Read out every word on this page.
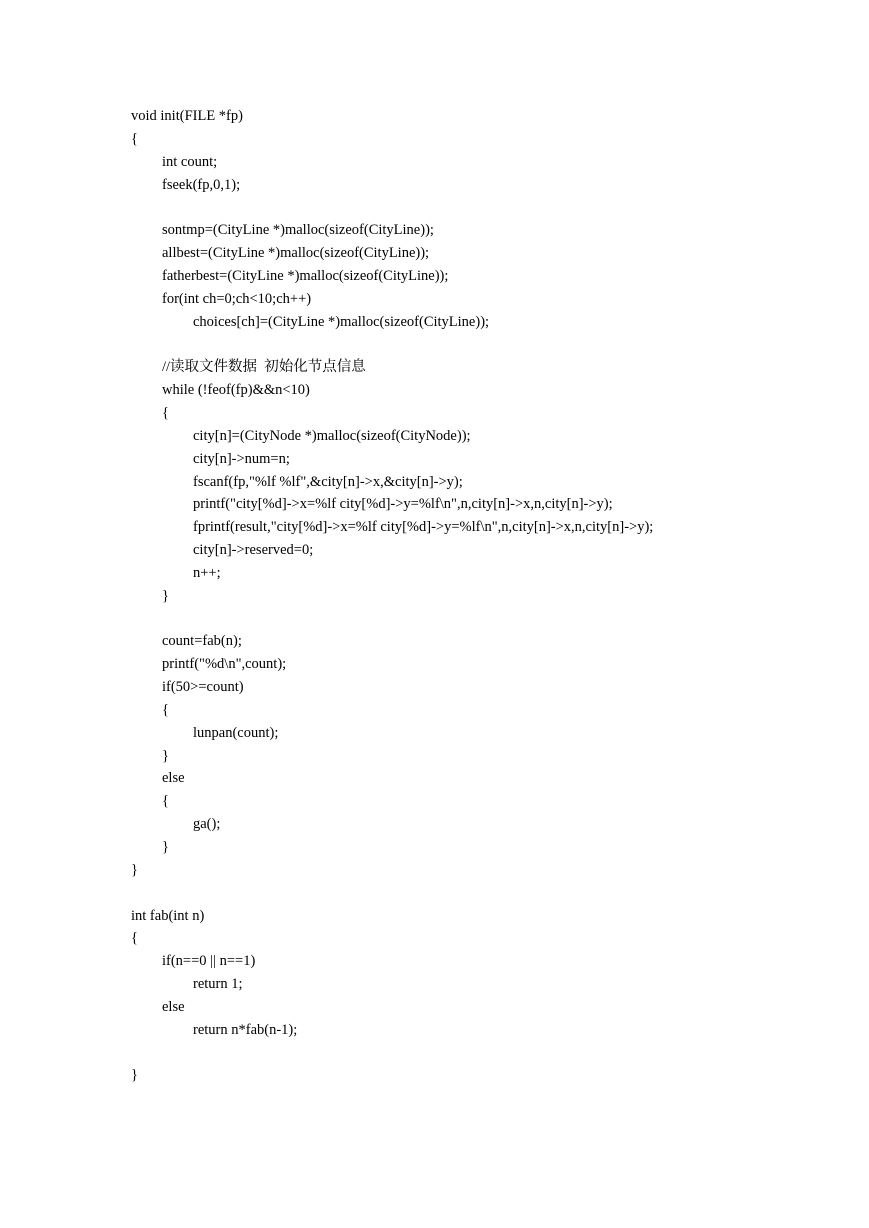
void init(FILE *fp)
{
int count;
fseek(fp,0,1);
sontmp=(CityLine *)malloc(sizeof(CityLine));
allbest=(CityLine *)malloc(sizeof(CityLine));
fatherbest=(CityLine *)malloc(sizeof(CityLine));
for(int ch=0;ch<10;ch++)
choices[ch]=(CityLine *)malloc(sizeof(CityLine));
//读取文件数据  初始化节点信息
while (!feof(fp)&&n<10)
{
city[n]=(CityNode *)malloc(sizeof(CityNode));
city[n]->num=n;
fscanf(fp,"%lf %lf",&city[n]->x,&city[n]->y);
printf("city[%d]->x=%lf city[%d]->y=%lf\n",n,city[n]->x,n,city[n]->y);
fprintf(result,"city[%d]->x=%lf city[%d]->y=%lf\n",n,city[n]->x,n,city[n]->y);
city[n]->reserved=0;
n++;
}
count=fab(n);
printf("%d\n",count);
if(50>=count)
{
lunpan(count);
}
else
{
ga();
}
}
int fab(int n)
{
if(n==0 || n==1)
return 1;
else
return n*fab(n-1);
}
